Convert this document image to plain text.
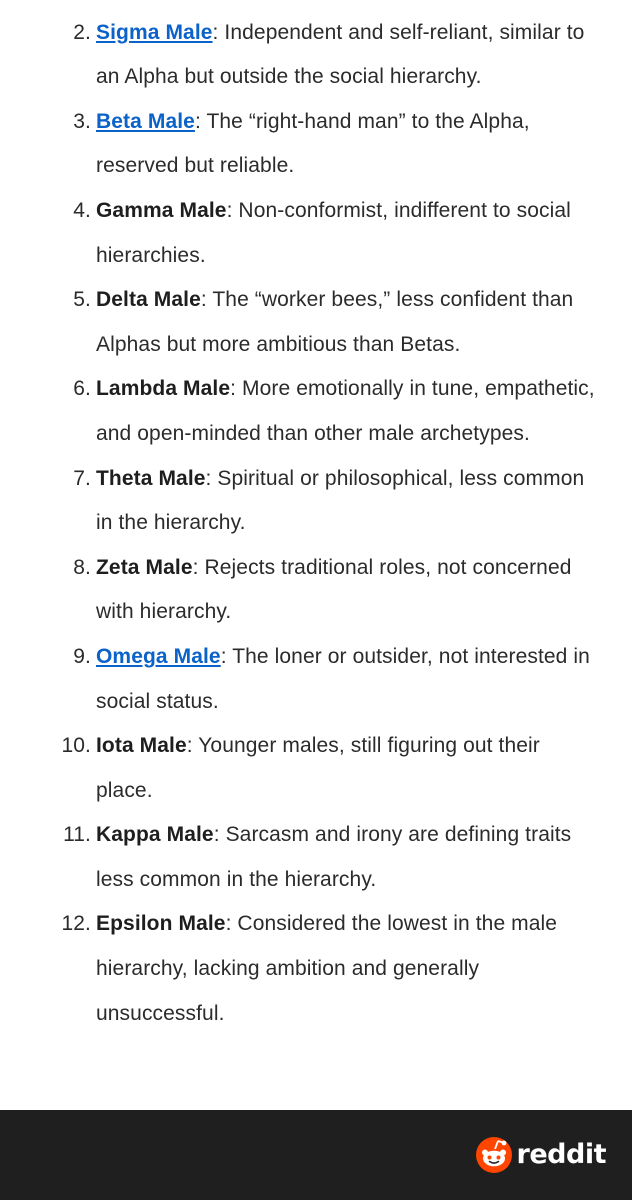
2. Sigma Male: Independent and self-reliant, similar to an Alpha but outside the social hierarchy.
3. Beta Male: The “right-hand man” to the Alpha, reserved but reliable.
4. Gamma Male: Non-conformist, indifferent to social hierarchies.
5. Delta Male: The “worker bees,” less confident than Alphas but more ambitious than Betas.
6. Lambda Male: More emotionally in tune, empathetic, and open-minded than other male archetypes.
7. Theta Male: Spiritual or philosophical, less common in the hierarchy.
8. Zeta Male: Rejects traditional roles, not concerned with hierarchy.
9. Omega Male: The loner or outsider, not interested in social status.
10. Iota Male: Younger males, still figuring out their place.
11. Kappa Male: Sarcasm and irony are defining traits less common in the hierarchy.
12. Epsilon Male: Considered the lowest in the male hierarchy, lacking ambition and generally unsuccessful.
reddit
